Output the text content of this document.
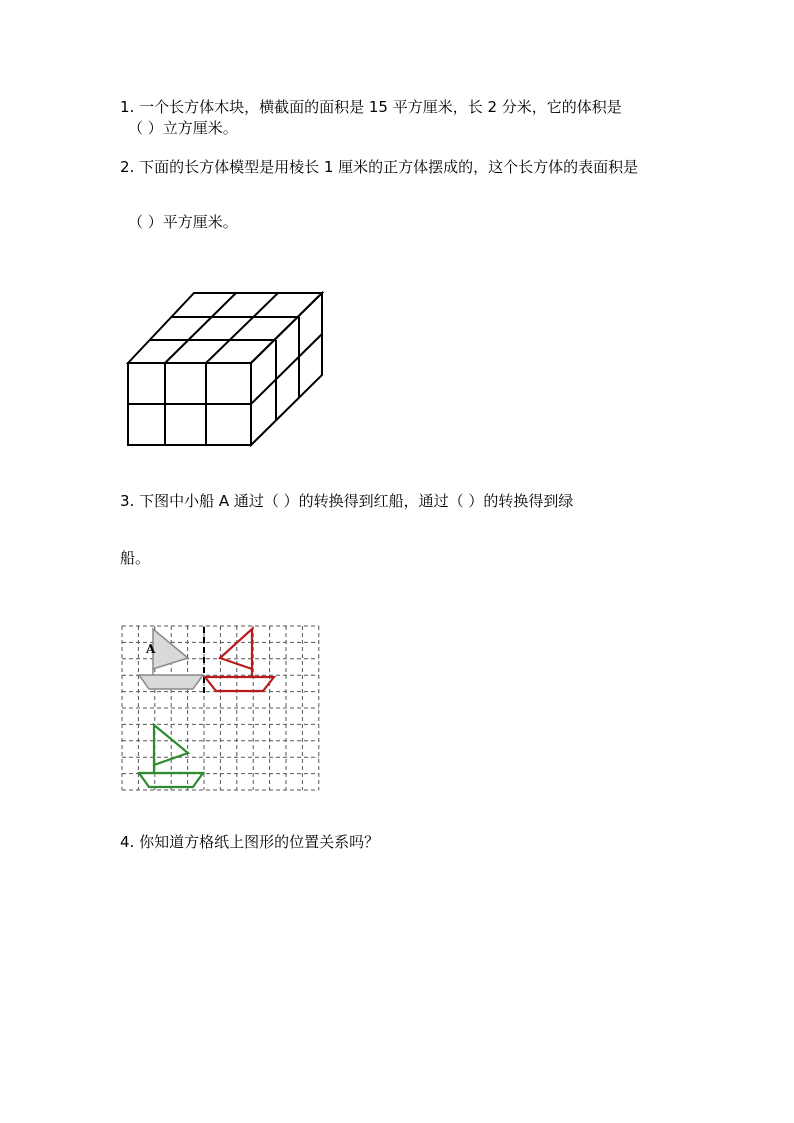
1. 一个长方体木块，横截面的面积是 15 平方厘米，长 2 分米，它的体积是
（ ）立方厘米。
2. 下面的长方体模型是用棱长 1 厘米的正方体摆成的，这个长方体的表面积是
（ ）平方厘米。
3. 下图中小船 A 通过（ ）的转换得到红船，通过（ ）的转换得到绿
船。
A
4. 你知道方格纸上图形的位置关系吗？
